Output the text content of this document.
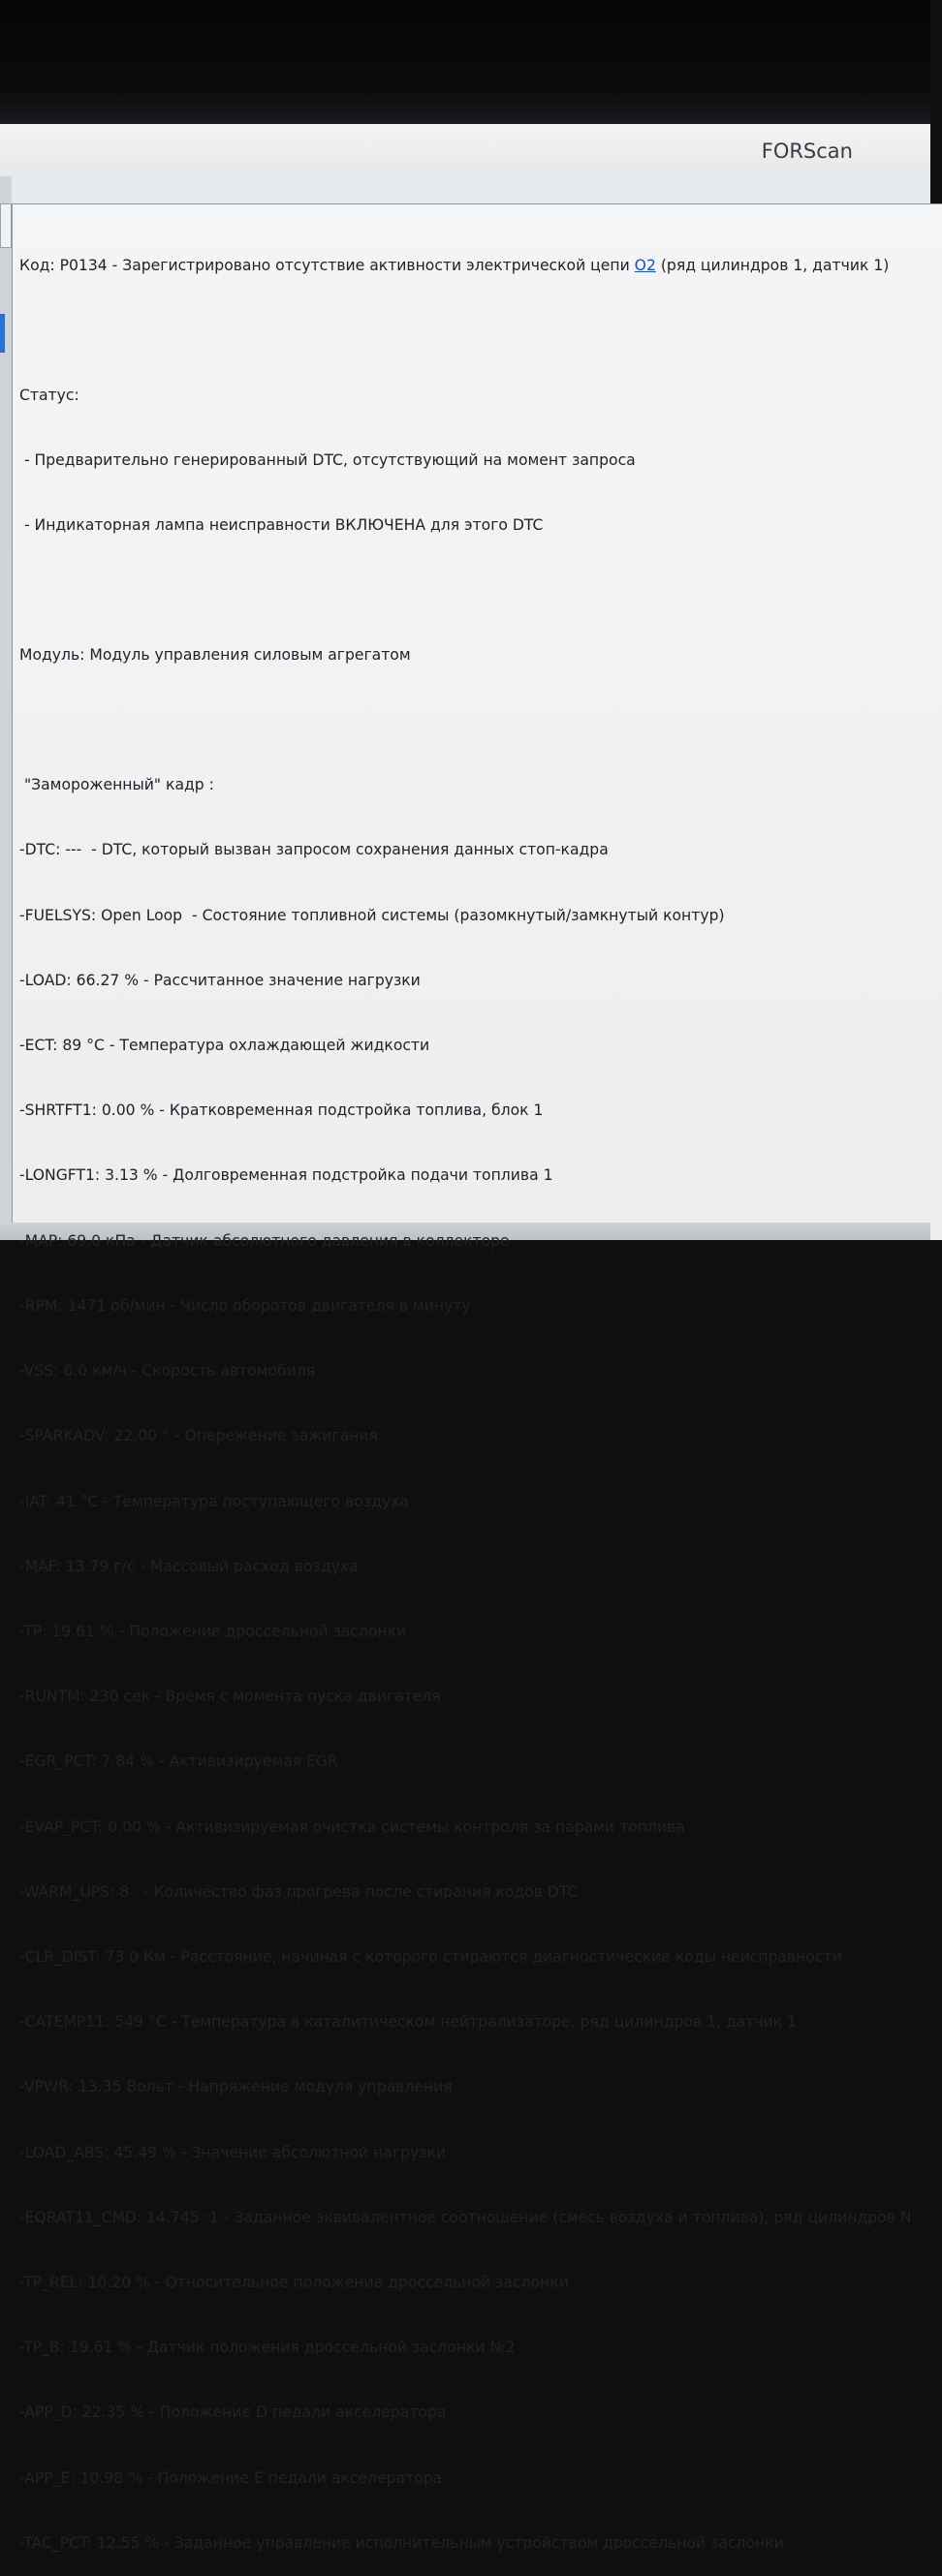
FORScan

Код: P0134 - Зарегистрировано отсутствие активности электрической цепи O2 (ряд цилиндров 1, датчик 1)

Статус:

- Предварительно генерированный DTC, отсутствующий на момент запроса

- Индикаторная лампа неисправности ВКЛЮЧЕНА для этого DTC

Модуль: Модуль управления силовым агрегатом

"Замороженный" кадр :

-DTC: ---  - DTC, который вызван запросом сохранения данных стоп-кадра

-FUELSYS: Open Loop  - Состояние топливной системы (разомкнутый/замкнутый контур)

-LOAD: 66.27 % - Рассчитанное значение нагрузки

-ECT: 89 °C - Температура охлаждающей жидкости

-SHRTFT1: 0.00 % - Кратковременная подстройка топлива, блок 1

-LONGFT1: 3.13 % - Долговременная подстройка подачи топлива 1

-MAP: 69.0 кПа - Датчик абсолютного давления в коллекторе

-RPM: 1471 об/мин - Число оборотов двигателя в минуту

-VSS: 6.0 км/ч - Скорость автомобиля

-SPARKADV: 22.00 ° - Опережение зажигания

-IAT: 41 °C - Температура поступающего воздуха

-MAF: 13.79 г/с - Массовый расход воздуха

-TP: 19.61 % - Положение дроссельной заслонки

-RUNTM: 230 сек - Время с момента пуска двигателя

-EGR_PCT: 7.84 % - Активизируемая EGR

-EVAP_PCT: 0.00 % - Активизируемая очистка системы контроля за парами топлива

-WARM_UPS: 8   - Количество фаз прогрева после стирания кодов DTC

-CLR_DIST: 73.0 Км - Расстояние, начиная с которого стираются диагностические коды неисправности

-CATEMP11: 549 °C - Температура в каталитическом нейтрализаторе, ряд цилиндров 1, датчик 1

-VPWR: 13.35 Вольт - Напряжение модуля управления

-LOAD_ABS: 45.49 % - Значение абсолютной нагрузки

-EQRAT11_CMD: 14.745 :1 - Заданное эквивалентное соотношение (смесь воздуха и топлива), ряд цилиндров N

-TP_REL: 10.20 % - Относительное положение дроссельной заслонки

-TP_B: 19.61 % - Датчик положения дроссельной заслонки №2

-APP_D: 22.35 % - Положение D педали акселератора

-APP_E: 10.98 % - Положение E педали акселератора

-TAC_PCT: 12.55 % - Заданное управление исполнительным устройством дроссельной заслонки
